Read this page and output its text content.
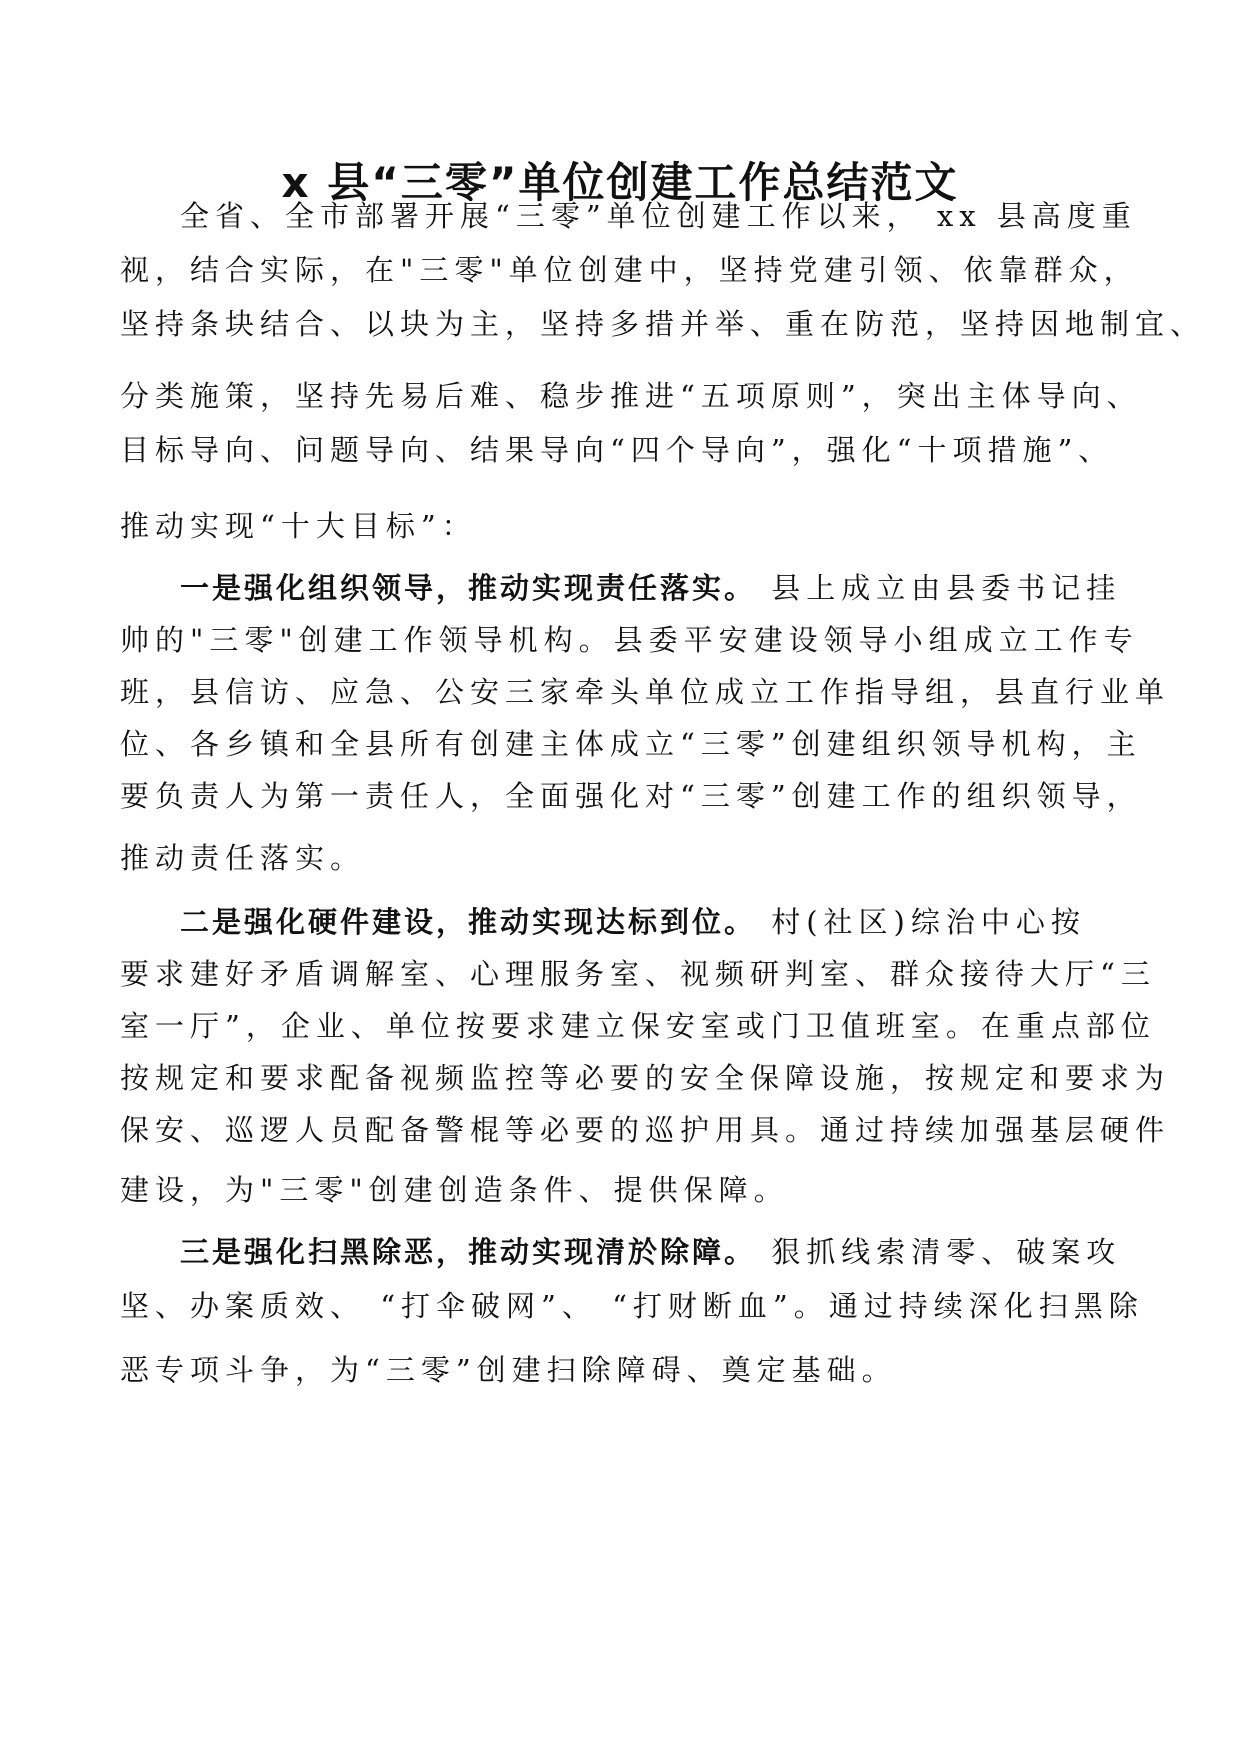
x 县“三零”单位创建工作总结范文
全省、全市部署开展“三零”单位创建工作以来， xx 县高度重
视，结合实际，在"三零"单位创建中，坚持党建引领、依靠群众，
坚持条块结合、以块为主，坚持多措并举、重在防范，坚持因地制宜、
分类施策，坚持先易后难、稳步推进“五项原则”，突出主体导向、
目标导向、问题导向、结果导向“四个导向”，强化“十项措施”、
推动实现“十大目标”：
一是强化组织领导，推动实现责任落实。 县上成立由县委书记挂
帅的"三零"创建工作领导机构。县委平安建设领导小组成立工作专
班，县信访、应急、公安三家牵头单位成立工作指导组，县直行业单
位、各乡镇和全县所有创建主体成立“三零”创建组织领导机构，主
要负责人为第一责任人，全面强化对“三零”创建工作的组织领导，
推动责任落实。
二是强化硬件建设，推动实现达标到位。 村(社区)综治中心按
要求建好矛盾调解室、心理服务室、视频研判室、群众接待大厅“三
室一厅”，企业、单位按要求建立保安室或门卫值班室。在重点部位
按规定和要求配备视频监控等必要的安全保障设施，按规定和要求为
保安、巡逻人员配备警棍等必要的巡护用具。通过持续加强基层硬件
建设，为"三零"创建创造条件、提供保障。
三是强化扫黑除恶，推动实现清於除障。 狠抓线索清零、破案攻
坚、办案质效、 “打伞破网”、 “打财断血”。通过持续深化扫黑除
恶专项斗争，为“三零”创建扫除障碍、奠定基础。
